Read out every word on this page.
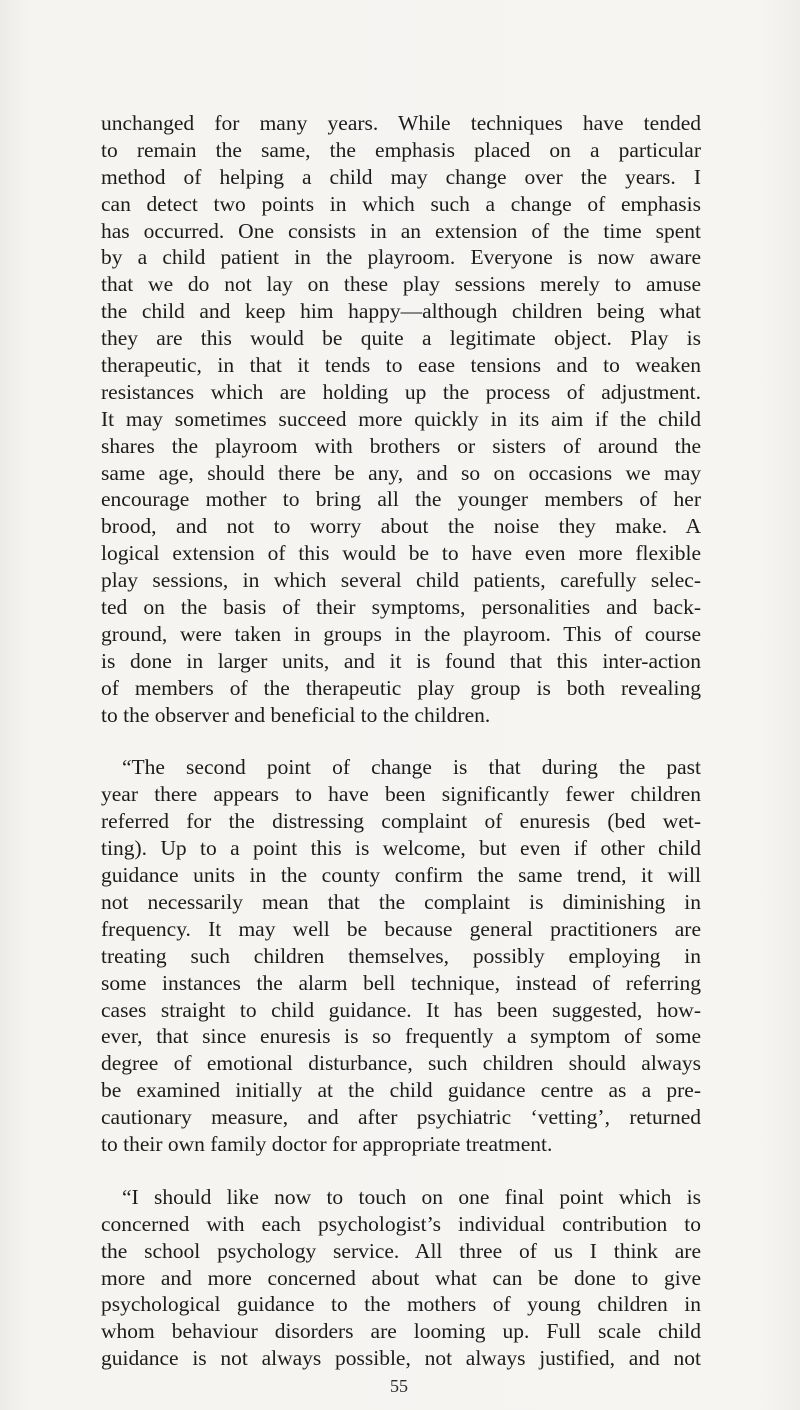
unchanged for many years. While techniques have tended
to remain the same, the emphasis placed on a particular
method of helping a child may change over the years. I
can detect two points in which such a change of emphasis
has occurred. One consists in an extension of the time spent
by a child patient in the playroom. Everyone is now aware
that we do not lay on these play sessions merely to amuse
the child and keep him happy—although children being what
they are this would be quite a legitimate object. Play is
therapeutic, in that it tends to ease tensions and to weaken
resistances which are holding up the process of adjustment.
It may sometimes succeed more quickly in its aim if the child
shares the playroom with brothers or sisters of around the
same age, should there be any, and so on occasions we may
encourage mother to bring all the younger members of her
brood, and not to worry about the noise they make. A
logical extension of this would be to have even more flexible
play sessions, in which several child patients, carefully selec-
ted on the basis of their symptoms, personalities and back-
ground, were taken in groups in the playroom. This of course
is done in larger units, and it is found that this inter-action
of members of the therapeutic play group is both revealing
to the observer and beneficial to the children.
“The second point of change is that during the past
year there appears to have been significantly fewer children
referred for the distressing complaint of enuresis (bed wet-
ting). Up to a point this is welcome, but even if other child
guidance units in the county confirm the same trend, it will
not necessarily mean that the complaint is diminishing in
frequency. It may well be because general practitioners are
treating such children themselves, possibly employing in
some instances the alarm bell technique, instead of referring
cases straight to child guidance. It has been suggested, how-
ever, that since enuresis is so frequently a symptom of some
degree of emotional disturbance, such children should always
be examined initially at the child guidance centre as a pre-
cautionary measure, and after psychiatric ‘vetting’, returned
to their own family doctor for appropriate treatment.
“I should like now to touch on one final point which is
concerned with each psychologist’s individual contribution to
the school psychology service. All three of us I think are
more and more concerned about what can be done to give
psychological guidance to the mothers of young children in
whom behaviour disorders are looming up. Full scale child
guidance is not always possible, not always justified, and not
55
